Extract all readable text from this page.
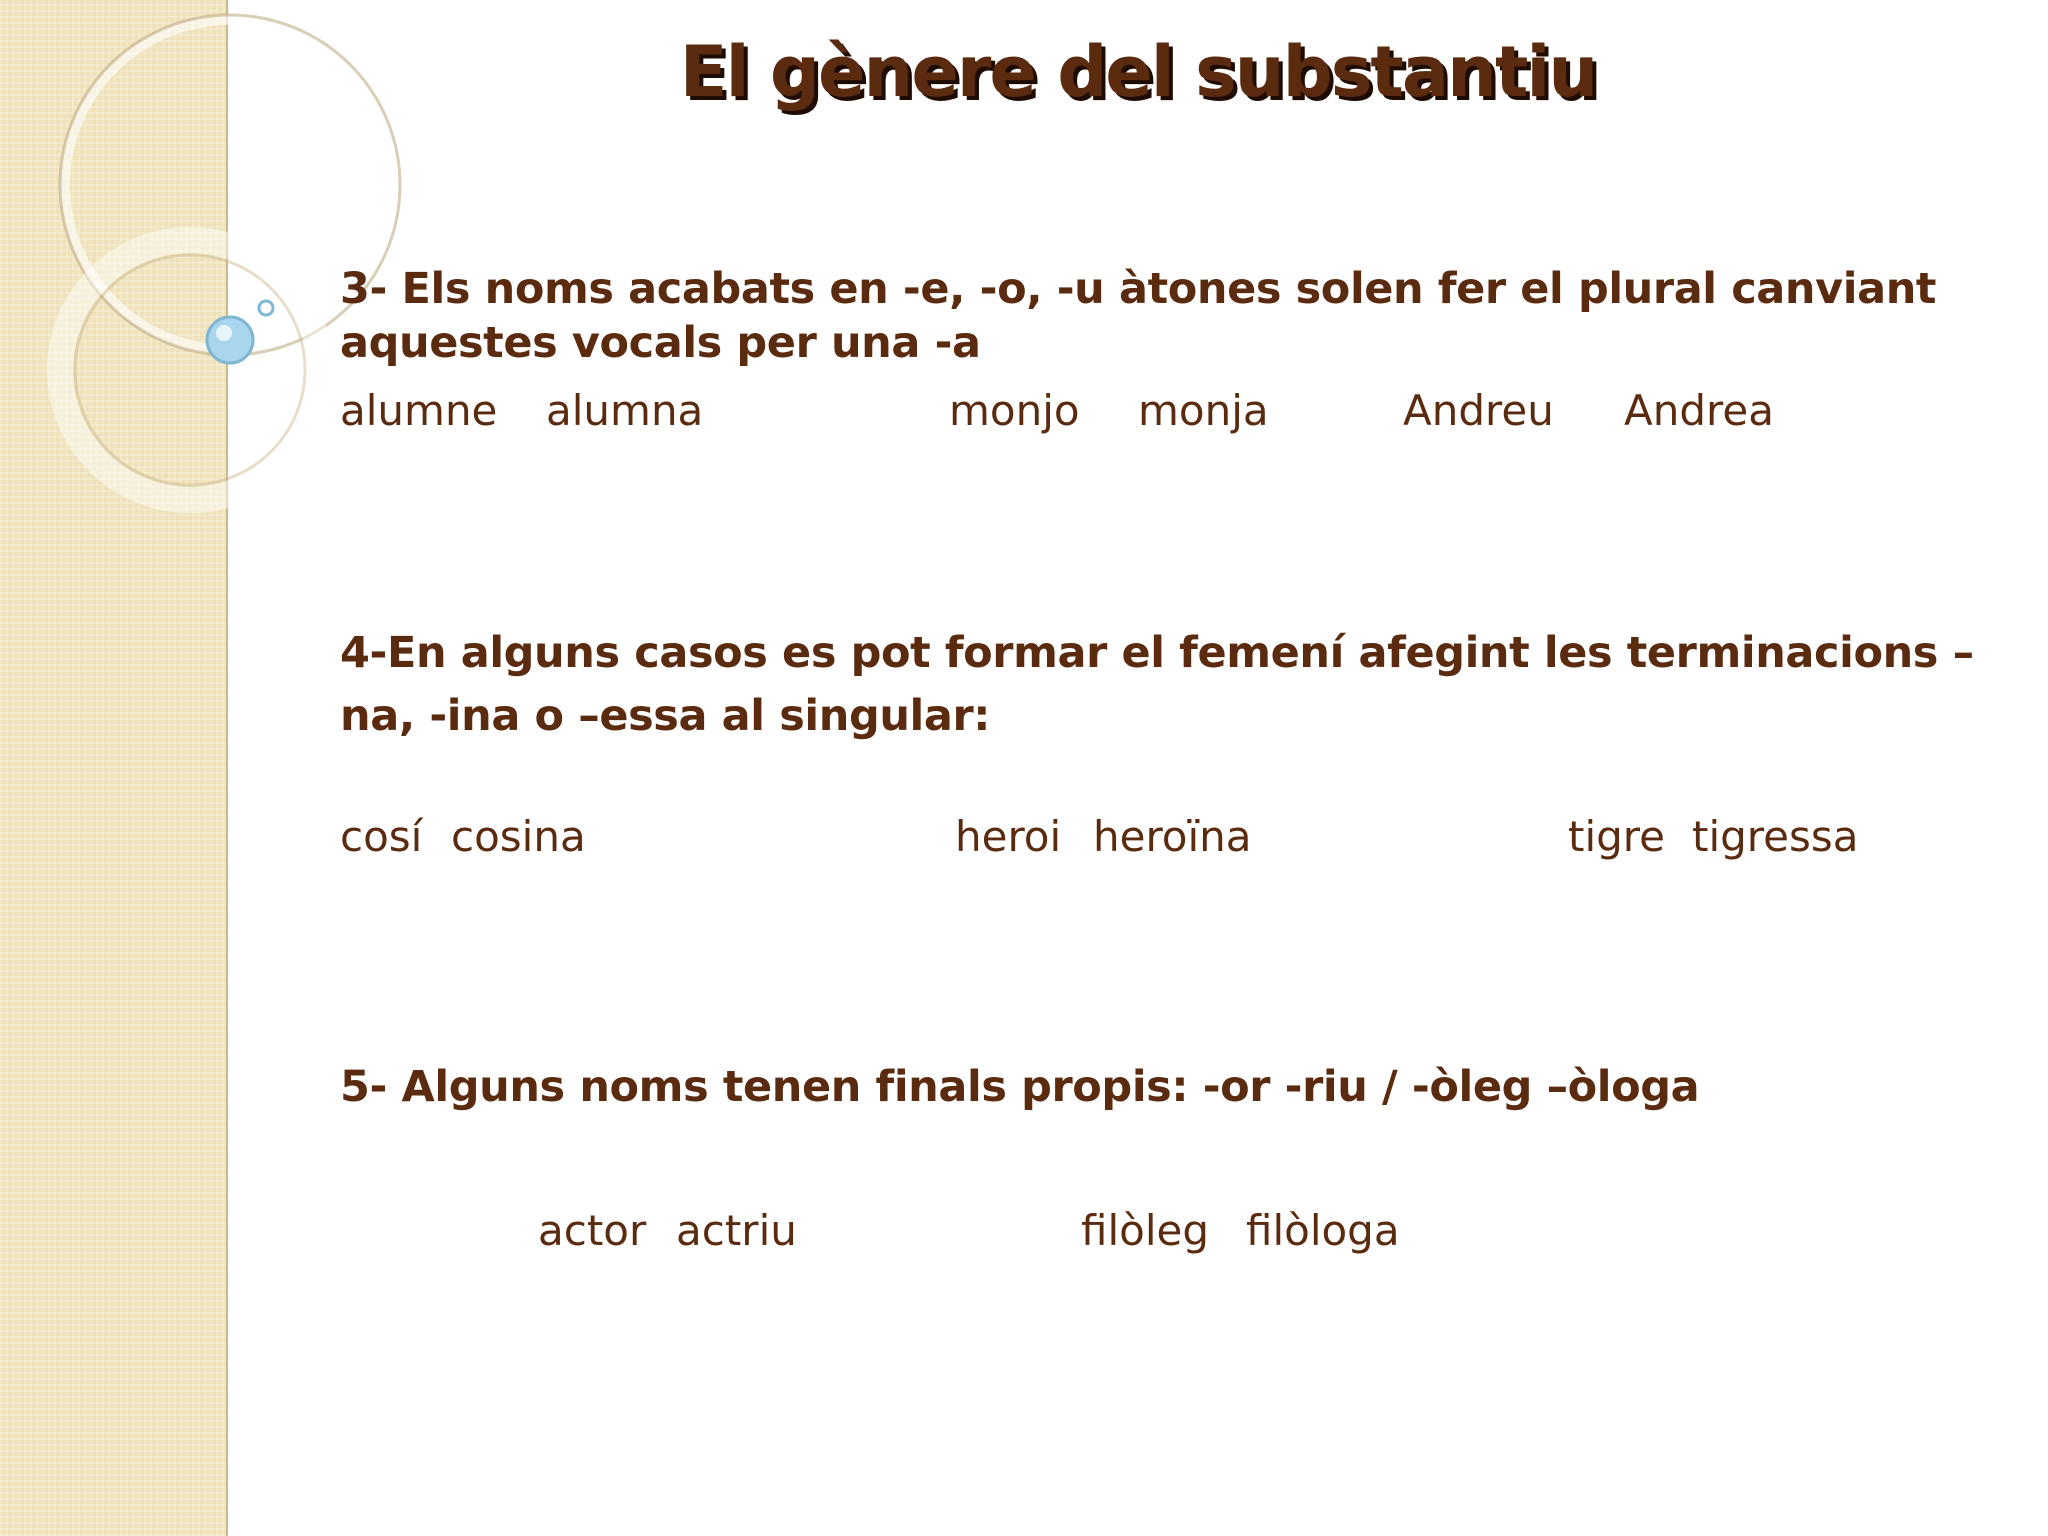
El gènere del substantiu

3- Els noms acabats en -e, -o, -u àtones solen fer el plural canviant aquestes vocals per una -a

alumne alumna	monjo monja	Andreu Andrea

4-En alguns casos es pot formar el femení afegint les terminacions – na, -ina o –essa al singular:

cosí cosina	heroi heroïna	tigre tigressa

5- Alguns noms tenen finals propis: -or -riu / -òleg –òloga

actor actriu	filòleg filòloga
